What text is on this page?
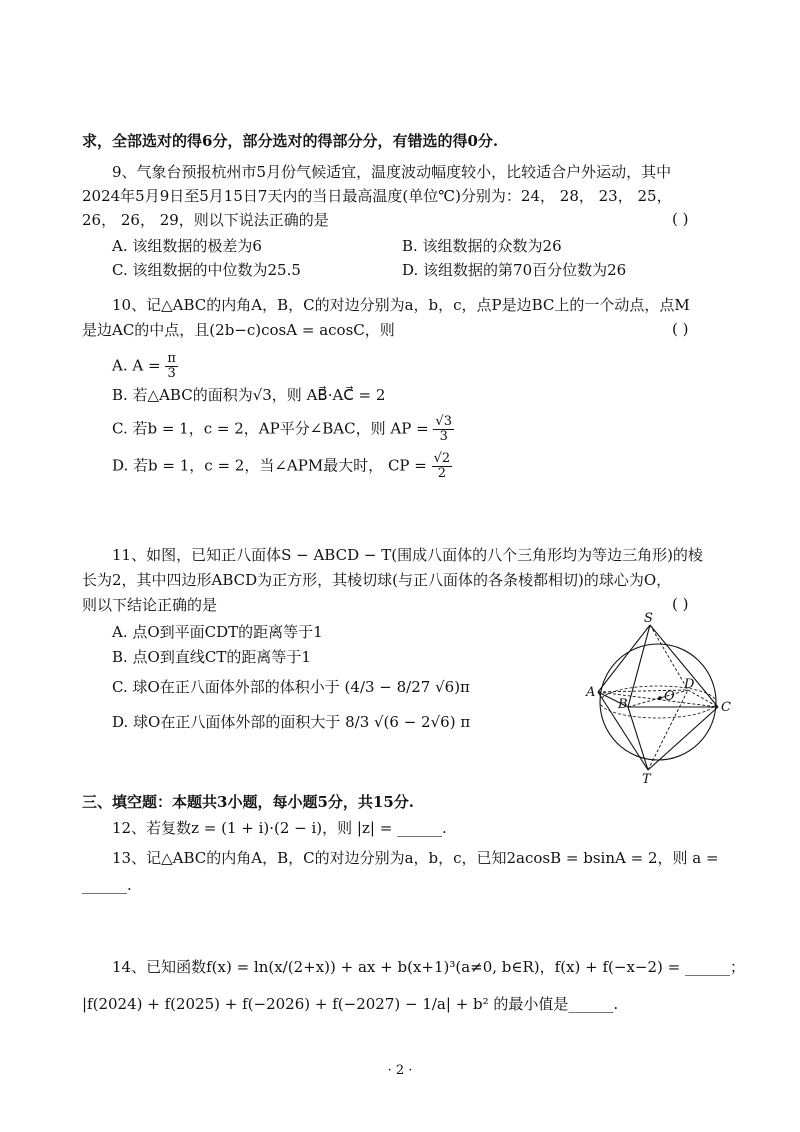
求，全部选对的得6分，部分选对的得部分分，有错选的得0分.
9、气象台预报杭州市5月份气候适宜，温度波动幅度较小，比较适合户外运动，其中
2024年5月9日至5月15日7天内的当日最高温度(单位℃)分别为：24， 28， 23， 25，
26， 26， 29，则以下说法正确的是	( )
A. 该组数据的极差为6	B. 该组数据的众数为26
C. 该组数据的中位数为25.5	D. 该组数据的第70百分位数为26
10、记△ABC的内角A，B，C的对边分别为a，b，c，点P是边BC上的一个动点，点M
是边AC的中点，且(2b−c)cosA = acosC，则	( )
A. $A = \frac{\pi}{3}$
B. 若△ABC的面积为√3，则 AB⃗·AC⃗ = 2
C. 若b = 1，c = 2，AP平分∠BAC，则 AP = $\frac{√3}{3}$
D. 若b = 1，c = 2，当∠APM最大时， CP = $\frac{√2}{2}$
11、如图，已知正八面体S − ABCD − T(围成八面体的八个三角形均为等边三角形)的棱
长为2，其中四边形ABCD为正方形，其棱切球(与正八面体的各条棱都相切)的球心为O，
则以下结论正确的是	( )
A. 点O到平面CDT的距离等于1
B. 点O到直线CT的距离等于1
C. 球O在正八面体外部的体积小于 (4/3 − 8/27 √6)π
D. 球O在正八面体外部的面积大于 8/3 √(6 − 2√6) π
S
T
A
B	C
D
O
三、填空题：本题共3小题，每小题5分，共15分.
12、若复数z = (1 + i)·(2 − i)，则 |z| = ______.
13、记△ABC的内角A，B，C的对边分别为a，b，c，已知2acosB = bsinA = 2，则 a =
______.
14、已知函数f(x) = ln(x/(2+x)) + ax + b(x+1)³(a≠0, b∈R)，f(x) + f(−x−2) = ______；
|f(2024) + f(2025) + f(−2026) + f(−2027) − 1/a| + b² 的最小值是______.
· 2 ·
